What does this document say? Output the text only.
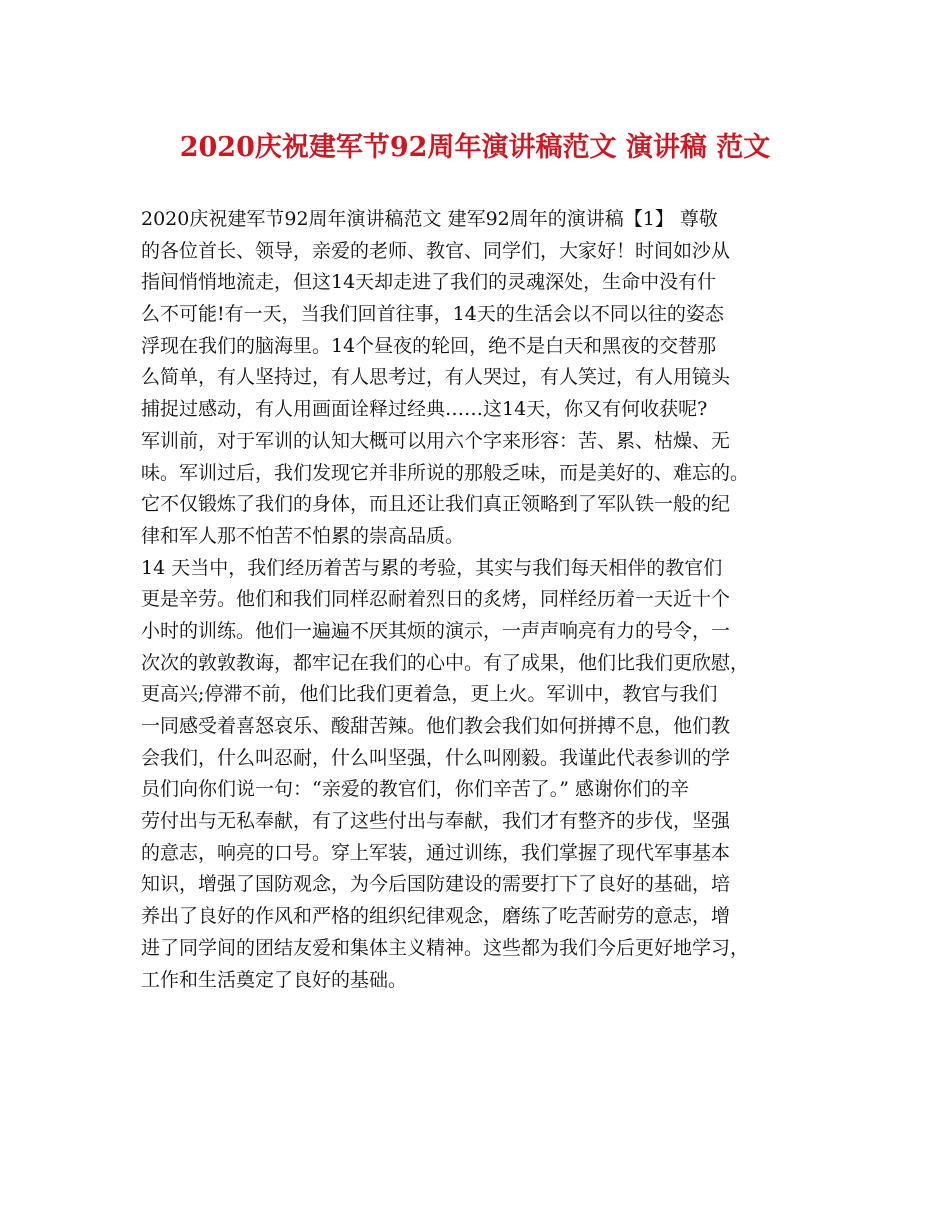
2020庆祝建军节92周年演讲稿范文 演讲稿 范文
2020庆祝建军节92周年演讲稿范文 建军92周年的演讲稿【1】 尊敬
的各位首长、领导，亲爱的老师、教官、同学们，大家好！时间如沙从
指间悄悄地流走，但这14天却走进了我们的灵魂深处，生命中没有什
么不可能!有一天，当我们回首往事，14天的生活会以不同以往的姿态
浮现在我们的脑海里。14个昼夜的轮回，绝不是白天和黑夜的交替那
么简单，有人坚持过，有人思考过，有人哭过，有人笑过，有人用镜头
捕捉过感动，有人用画面诠释过经典……这14天，你又有何收获呢?
军训前，对于军训的认知大概可以用六个字来形容：苦、累、枯燥、无
味。军训过后，我们发现它并非所说的那般乏味，而是美好的、难忘的。
它不仅锻炼了我们的身体，而且还让我们真正领略到了军队铁一般的纪
律和军人那不怕苦不怕累的崇高品质。
14 天当中，我们经历着苦与累的考验，其实与我们每天相伴的教官们
更是辛劳。他们和我们同样忍耐着烈日的炙烤，同样经历着一天近十个
小时的训练。他们一遍遍不厌其烦的演示，一声声响亮有力的号令，一
次次的敦敦教诲，都牢记在我们的心中。有了成果，他们比我们更欣慰，
更高兴;停滞不前，他们比我们更着急，更上火。军训中，教官与我们
一同感受着喜怒哀乐、酸甜苦辣。他们教会我们如何拼搏不息，他们教
会我们，什么叫忍耐，什么叫坚强，什么叫刚毅。我谨此代表参训的学
员们向你们说一句：“亲爱的教官们，你们辛苦了。” 感谢你们的辛
劳付出与无私奉献，有了这些付出与奉献，我们才有整齐的步伐，坚强
的意志，响亮的口号。穿上军装，通过训练，我们掌握了现代军事基本
知识，增强了国防观念，为今后国防建设的需要打下了良好的基础，培
养出了良好的作风和严格的组织纪律观念，磨练了吃苦耐劳的意志，增
进了同学间的团结友爱和集体主义精神。这些都为我们今后更好地学习，
工作和生活奠定了良好的基础。
